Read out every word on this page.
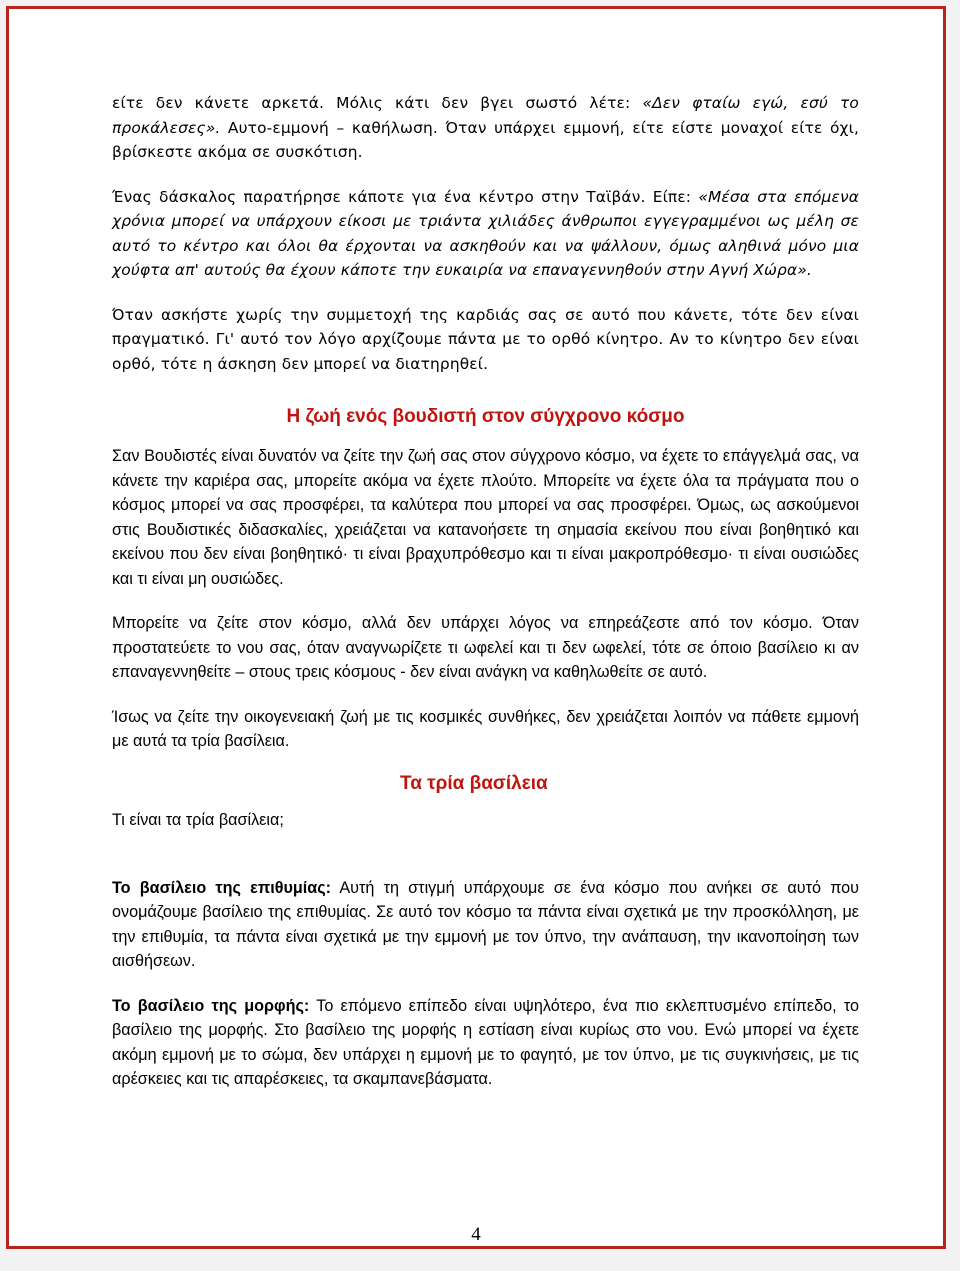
είτε δεν κάνετε αρκετά. Μόλις κάτι δεν βγει σωστό λέτε: «Δεν φταίω εγώ, εσύ το προκάλεσες». Αυτο-εμμονή – καθήλωση. Όταν υπάρχει εμμονή, είτε είστε μοναχοί είτε όχι, βρίσκεστε ακόμα σε συσκότιση.

Ένας δάσκαλος παρατήρησε κάποτε για ένα κέντρο στην Ταϊβάν. Είπε: «Μέσα στα επόμενα χρόνια μπορεί να υπάρχουν είκοσι με τριάντα χιλιάδες άνθρωποι εγγεγραμμένοι ως μέλη σε αυτό το κέντρο και όλοι θα έρχονται να ασκηθούν και να ψάλλουν, όμως αληθινά μόνο μια χούφτα απ' αυτούς θα έχουν κάποτε την ευκαιρία να επαναγεννηθούν στην Αγνή Χώρα».

Όταν ασκήστε χωρίς την συμμετοχή της καρδιάς σας σε αυτό που κάνετε, τότε δεν είναι πραγματικό. Γι' αυτό τον λόγο αρχίζουμε πάντα με το ορθό κίνητρο. Αν το κίνητρο δεν είναι ορθό, τότε η άσκηση δεν μπορεί να διατηρηθεί.

Η ζωή ενός βουδιστή στον σύγχρονο κόσμο

Σαν Βουδιστές είναι δυνατόν να ζείτε την ζωή σας στον σύγχρονο κόσμο, να έχετε το επάγγελμά σας, να κάνετε την καριέρα σας, μπορείτε ακόμα να έχετε πλούτο. Μπορείτε να έχετε όλα τα πράγματα που ο κόσμος μπορεί να σας προσφέρει, τα καλύτερα που μπορεί να σας προσφέρει. Όμως, ως ασκούμενοι στις Βουδιστικές διδασκαλίες, χρειάζεται να κατανοήσετε τη σημασία εκείνου που είναι βοηθητικό και εκείνου που δεν είναι βοηθητικό· τι είναι βραχυπρόθεσμο και τι είναι μακροπρόθεσμο· τι είναι ουσιώδες και τι είναι μη ουσιώδες.

Μπορείτε να ζείτε στον κόσμο, αλλά δεν υπάρχει λόγος να επηρεάζεστε από τον κόσμο. Όταν προστατεύετε το νου σας, όταν αναγνωρίζετε τι ωφελεί και τι δεν ωφελεί, τότε σε όποιο βασίλειο κι αν επαναγεννηθείτε – στους τρεις κόσμους - δεν είναι ανάγκη να καθηλωθείτε σε αυτό.

Ίσως να ζείτε την οικογενειακή ζωή με τις κοσμικές συνθήκες, δεν χρειάζεται λοιπόν να πάθετε εμμονή με αυτά τα τρία βασίλεια.

Τα τρία βασίλεια
Τι είναι τα τρία βασίλεια;

Το βασίλειο της επιθυμίας: Αυτή τη στιγμή υπάρχουμε σε ένα κόσμο που ανήκει σε αυτό που ονομάζουμε βασίλειο της επιθυμίας. Σε αυτό τον κόσμο τα πάντα είναι σχετικά με την προσκόλληση, με την επιθυμία, τα πάντα είναι σχετικά με την εμμονή με τον ύπνο, την ανάπαυση, την ικανοποίηση των αισθήσεων.

Το βασίλειο της μορφής: Το επόμενο επίπεδο είναι υψηλότερο, ένα πιο εκλεπτυσμένο επίπεδο, το βασίλειο της μορφής. Στο βασίλειο της μορφής η εστίαση είναι κυρίως στο νου. Ενώ μπορεί να έχετε ακόμη εμμονή με το σώμα, δεν υπάρχει η εμμονή με το φαγητό, με τον ύπνο, με τις συγκινήσεις, με τις αρέσκειες και τις απαρέσκειες, τα σκαμπανεβάσματα.

4
